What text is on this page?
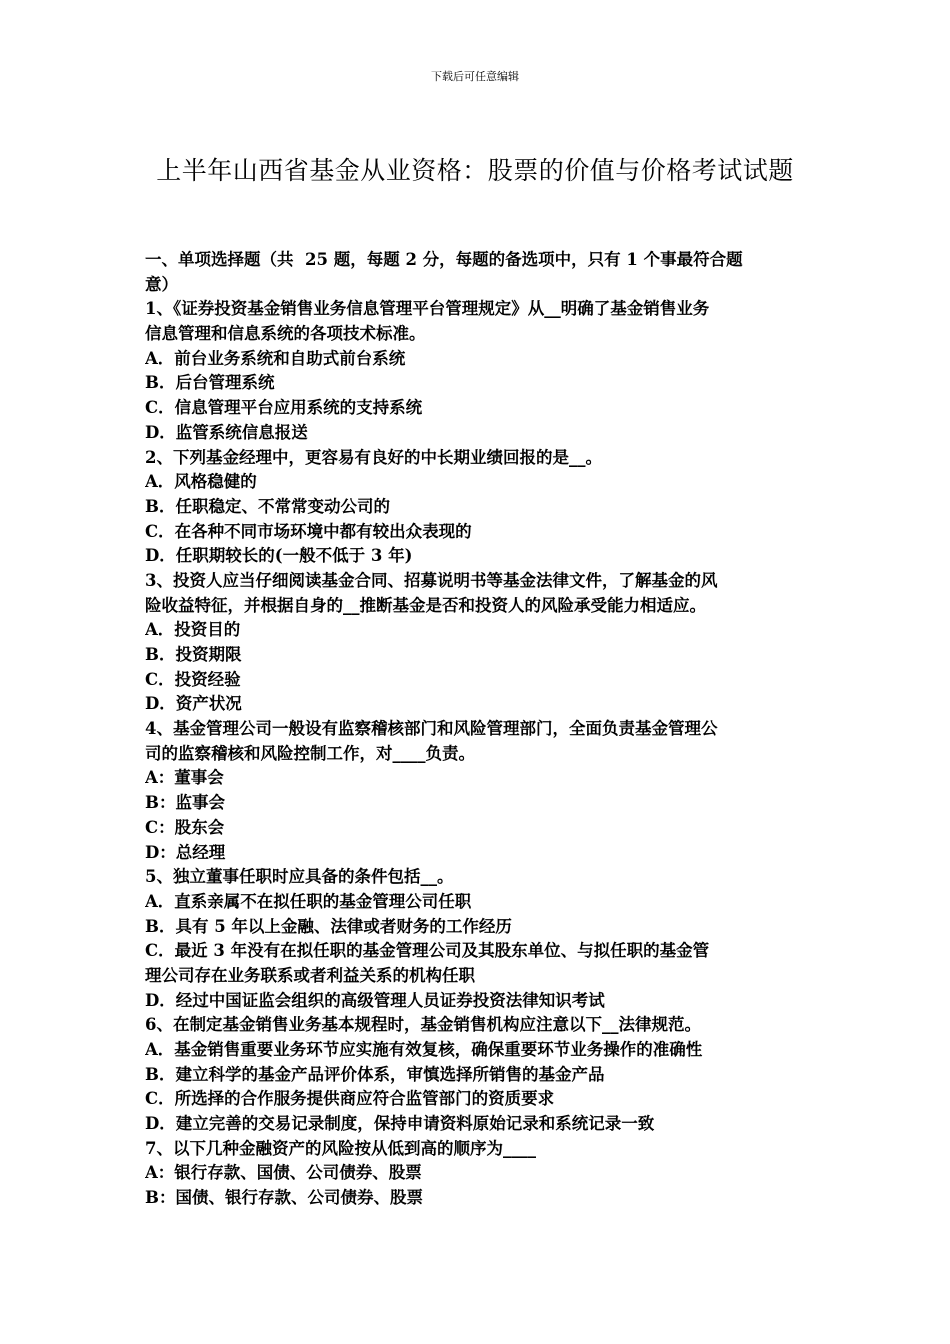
下载后可任意编辑
上半年山西省基金从业资格：股票的价值与价格考试试题
一、单项选择题（共  25 题，每题 2 分，每题的备选项中，只有 1 个事最符合题
意）
1、《证券投资基金销售业务信息管理平台管理规定》从__明确了基金销售业务
信息管理和信息系统的各项技术标准。
A．前台业务系统和自助式前台系统
B．后台管理系统
C．信息管理平台应用系统的支持系统
D．监管系统信息报送
2、下列基金经理中，更容易有良好的中长期业绩回报的是__。
A．风格稳健的
B．任职稳定、不常常变动公司的
C．在各种不同市场环境中都有较出众表现的
D．任职期较长的(一般不低于 3 年)
3、投资人应当仔细阅读基金合同、招募说明书等基金法律文件，了解基金的风
险收益特征，并根据自身的__推断基金是否和投资人的风险承受能力相适应。
A．投资目的
B．投资期限
C．投资经验
D．资产状况
4、基金管理公司一般设有监察稽核部门和风险管理部门，全面负责基金管理公
司的监察稽核和风险控制工作，对____负责。
A：董事会
B：监事会
C：股东会
D：总经理
5、独立董事任职时应具备的条件包括__。
A．直系亲属不在拟任职的基金管理公司任职
B．具有 5 年以上金融、法律或者财务的工作经历
C．最近 3 年没有在拟任职的基金管理公司及其股东单位、与拟任职的基金管
理公司存在业务联系或者利益关系的机构任职
D．经过中国证监会组织的高级管理人员证券投资法律知识考试
6、在制定基金销售业务基本规程时，基金销售机构应注意以下__法律规范。
A．基金销售重要业务环节应实施有效复核，确保重要环节业务操作的准确性
B．建立科学的基金产品评价体系，审慎选择所销售的基金产品
C．所选择的合作服务提供商应符合监管部门的资质要求
D．建立完善的交易记录制度，保持申请资料原始记录和系统记录一致
7、以下几种金融资产的风险按从低到高的顺序为____
A：银行存款、国债、公司债券、股票
B：国债、银行存款、公司债券、股票
